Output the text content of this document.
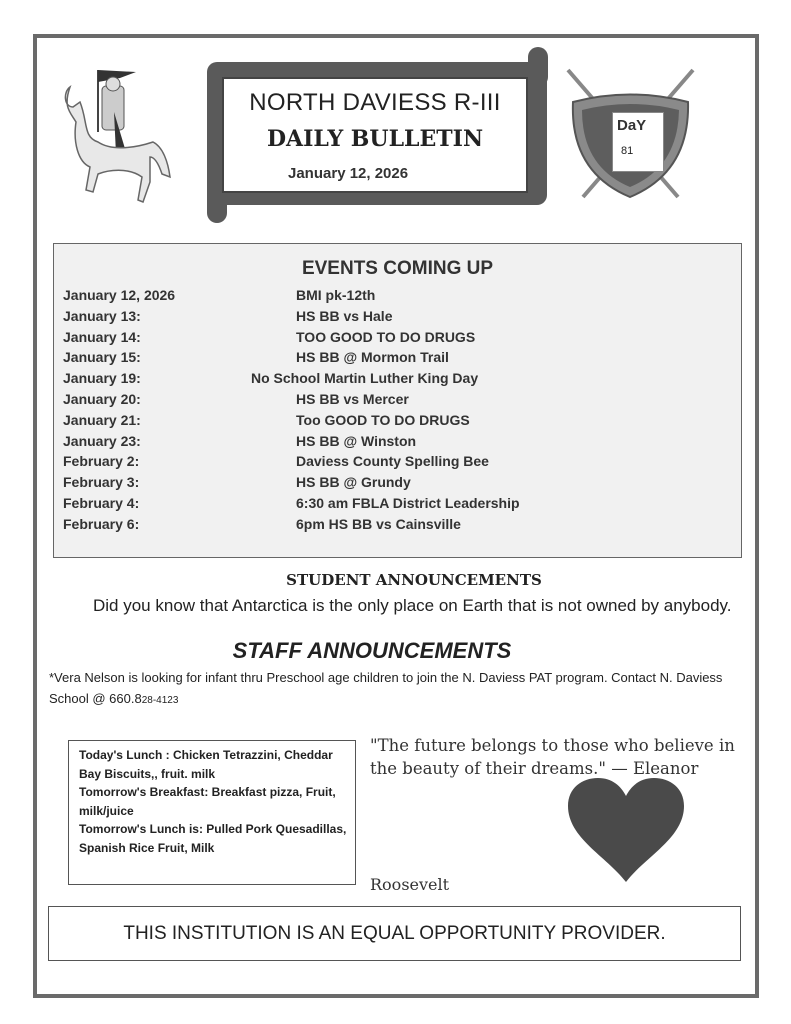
NORTH DAVIESS R-III
DAILY BULLETIN
January 12, 2026
DaY
81
EVENTS COMING UP
January 12, 2026	BMI pk-12th
January 13:	HS BB vs Hale
January 14:	TOO GOOD TO DO DRUGS
January 15:	HS BB @ Mormon Trail
January 19:	No School Martin Luther King Day
January 20:	HS BB vs Mercer
January 21:	Too GOOD TO DO DRUGS
January 23:	HS BB @ Winston
February 2:	Daviess County Spelling Bee
February 3:	HS BB @ Grundy
February 4:	6:30 am FBLA District Leadership
February 6:	6pm HS BB vs Cainsville
STUDENT ANNOUNCEMENTS
Did you know that Antarctica is the only place on Earth that is not owned by anybody.
STAFF ANNOUNCEMENTS
*Vera Nelson is looking for infant thru Preschool age children to join the N. Daviess PAT program. Contact N. Daviess School @ 660.828-4123
Today's Lunch : Chicken Tetrazzini, Cheddar Bay Biscuits,, fruit. milk
Tomorrow's Breakfast: Breakfast pizza, Fruit, milk/juice
Tomorrow's Lunch is: Pulled Pork Quesadillas, Spanish Rice Fruit, Milk
"The future belongs to those who believe in the beauty of their dreams." — Eleanor
Roosevelt
THIS INSTITUTION IS AN EQUAL OPPORTUNITY PROVIDER.
